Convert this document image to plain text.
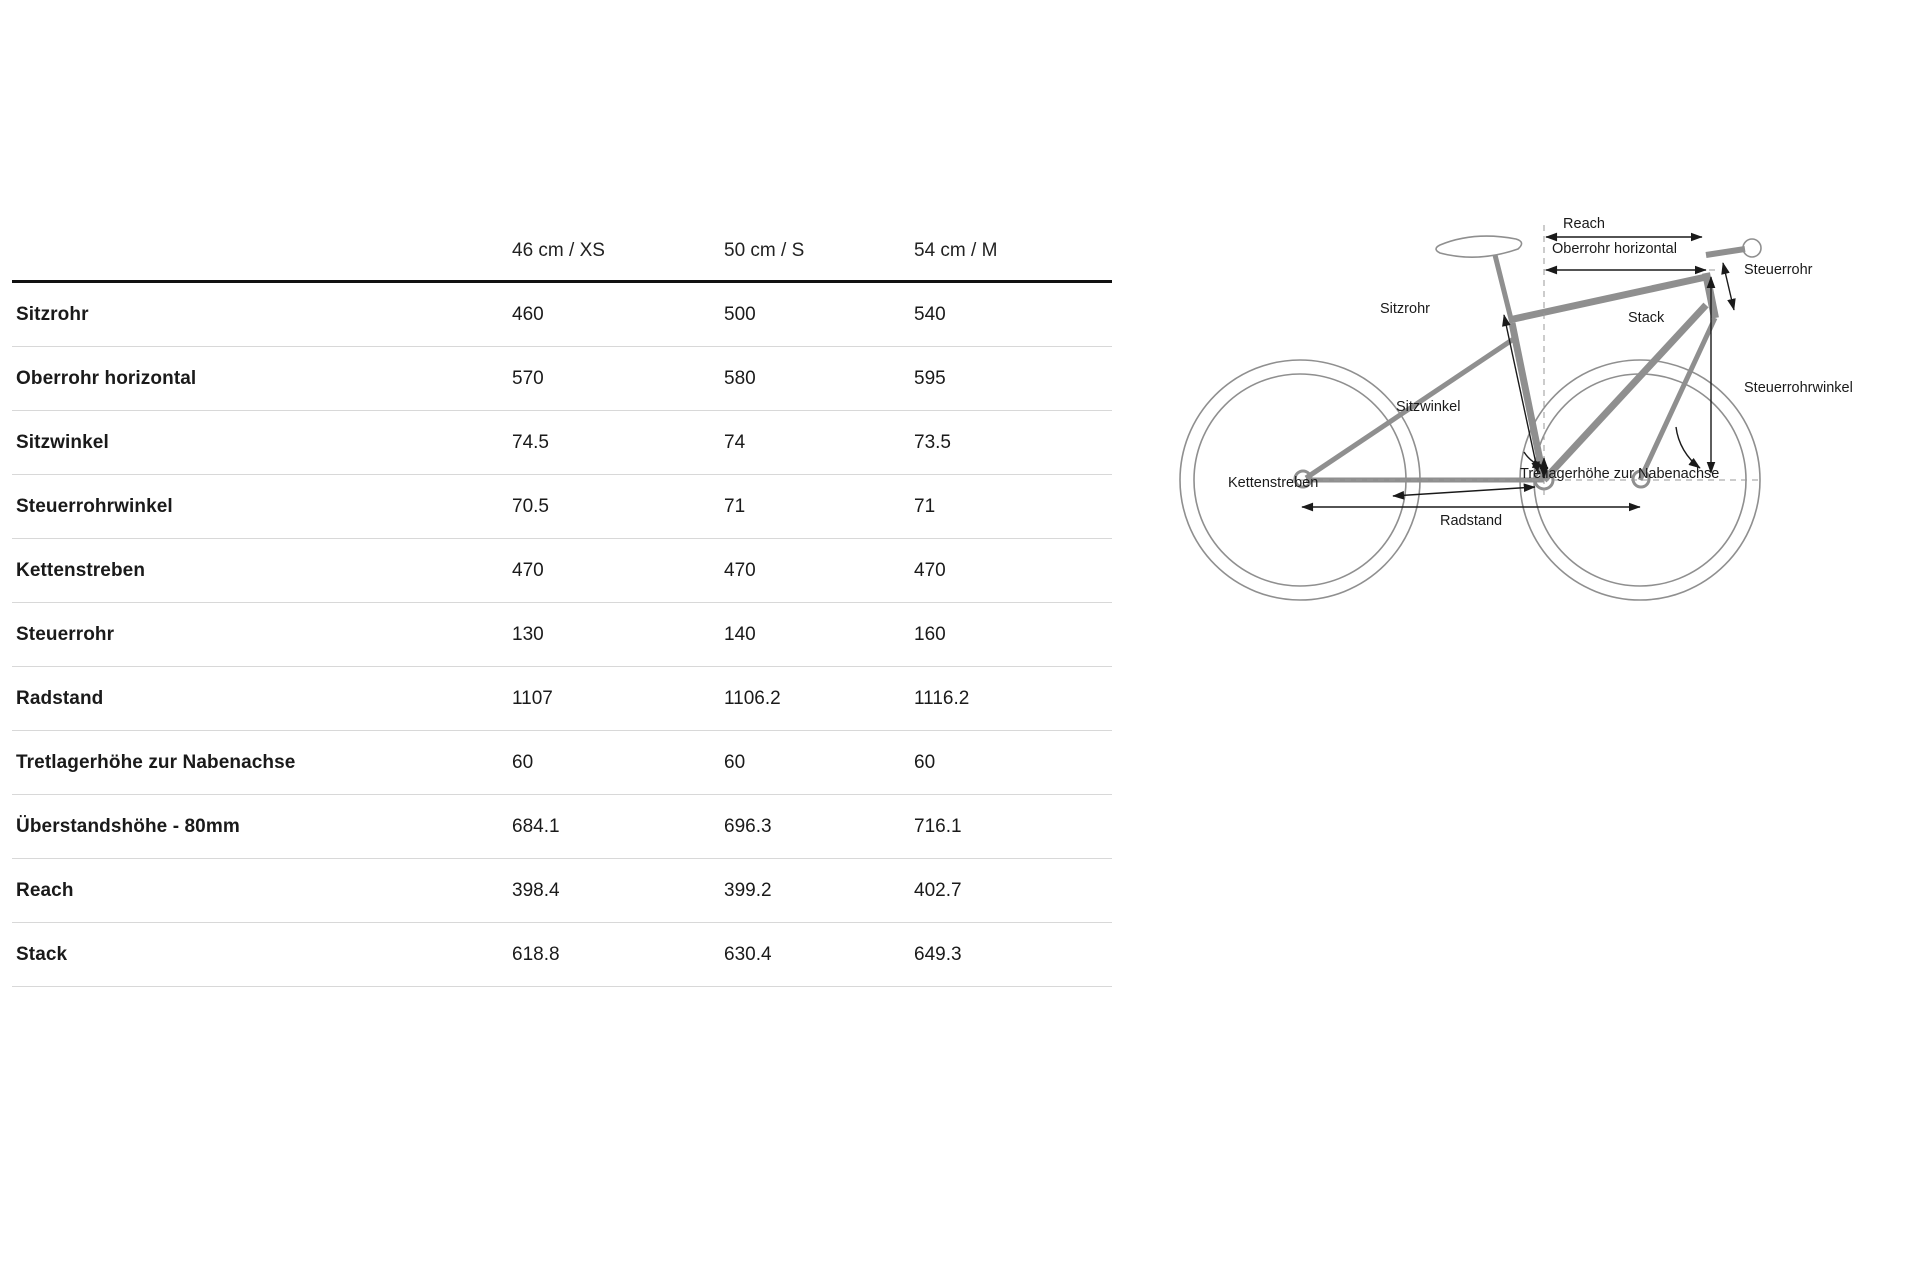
	46 cm / XS	50 cm / S	54 cm / M
Sitzrohr	460	500	540
Oberrohr horizontal	570	580	595
Sitzwinkel	74.5	74	73.5
Steuerrohrwinkel	70.5	71	71
Kettenstreben	470	470	470
Steuerrohr	130	140	160
Radstand	1107	1106.2	1116.2
Tretlagerhöhe zur Nabenachse	60	60	60
Überstandshöhe - 80mm	684.1	696.3	716.1
Reach	398.4	399.2	402.7
Stack	618.8	630.4	649.3
Reach
Oberrohr horizontal
Steuerrohr
Sitzrohr
Stack
Sitzwinkel
Steuerrohrwinkel
Kettenstreben
Tretlagerhöhe zur Nabenachse
Radstand
